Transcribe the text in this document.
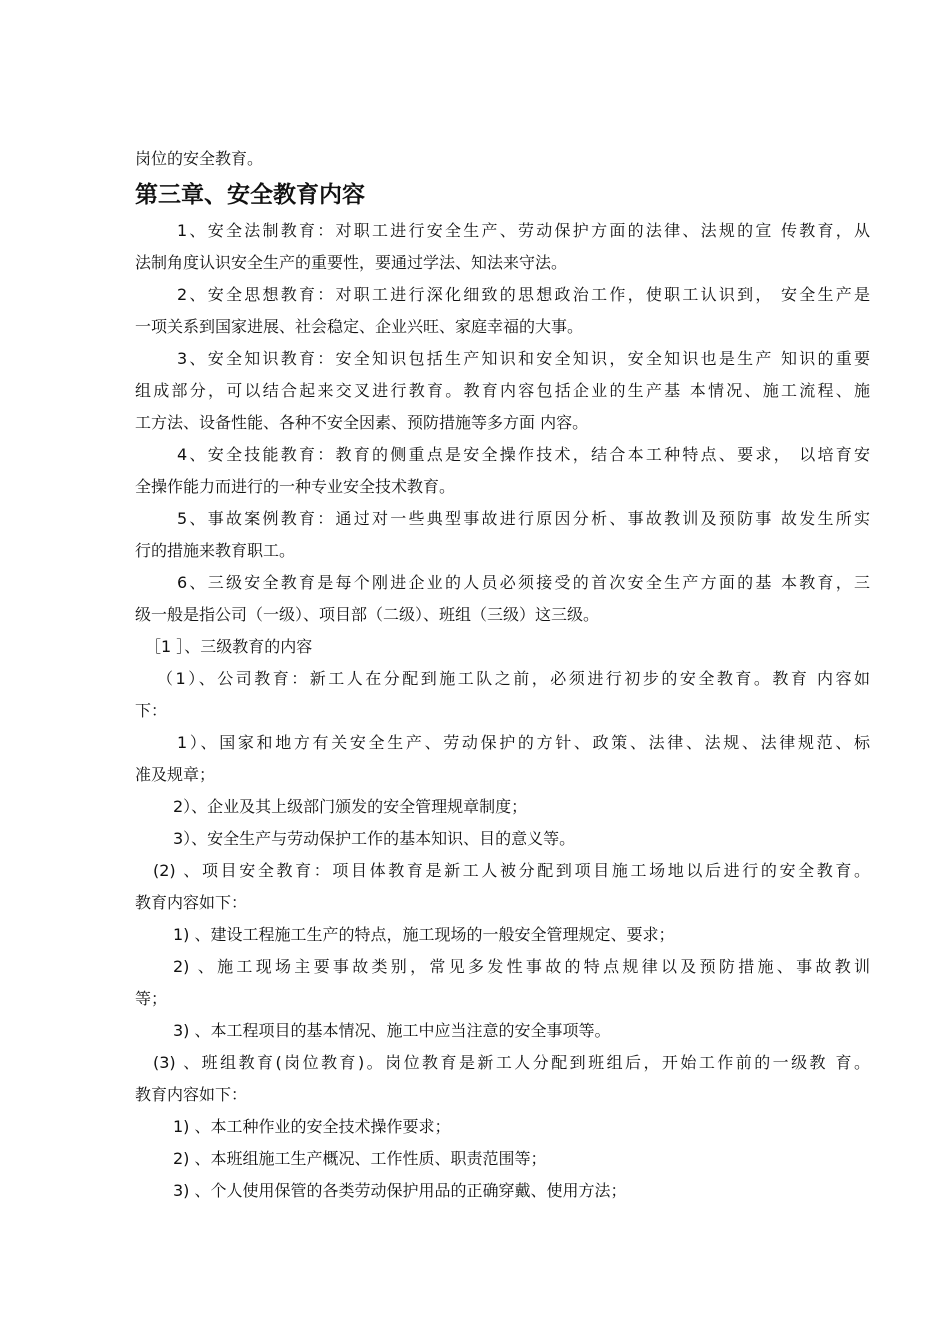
岗位的安全教育。
第三章、安全教育内容
1、安全法制教育：对职工进行安全生产、劳动保护方面的法律、法规的宣 传教育，从
法制角度认识安全生产的重要性，要通过学法、知法来守法。
2、安全思想教育：对职工进行深化细致的思想政治工作，使职工认识到， 安全生产是
一项关系到国家进展、社会稳定、企业兴旺、家庭幸福的大事。
3、安全知识教育：安全知识包括生产知识和安全知识，安全知识也是生产 知识的重要
组成部分，可以结合起来交叉进行教育。教育内容包括企业的生产基 本情况、施工流程、施
工方法、设备性能、各种不安全因素、预防措施等多方面 内容。
4、安全技能教育：教育的侧重点是安全操作技术，结合本工种特点、要求， 以培育安
全操作能力而进行的一种专业安全技术教育。
5、事故案例教育：通过对一些典型事故进行原因分析、事故教训及预防事 故发生所实
行的措施来教育职工。
6、三级安全教育是每个刚进企业的人员必须接受的首次安全生产方面的基 本教育，三
级一般是指公司（一级）、项目部（二级）、班组（三级）这三级。
［1 ］、三级教育的内容
（1）、公司教育：新工人在分配到施工队之前，必须进行初步的安全教育。教育 内容如
下：
1）、国家和地方有关安全生产、劳动保护的方针、政策、法律、法规、法律规范、标
准及规章；
2）、企业及其上级部门颁发的安全管理规章制度；
3）、安全生产与劳动保护工作的基本知识、目的意义等。
(2) 、项目安全教育：项目体教育是新工人被分配到项目施工场地以后进行的安全教育。
教育内容如下：
1) 、建设工程施工生产的特点，施工现场的一般安全管理规定、要求；
2) 、施工现场主要事故类别，常见多发性事故的特点规律以及预防措施、事故教训
等；
3) 、本工程项目的基本情况、施工中应当注意的安全事项等。
(3) 、班组教育(岗位教育)。岗位教育是新工人分配到班组后，开始工作前的一级教 育。
教育内容如下：
1) 、本工种作业的安全技术操作要求；
2) 、本班组施工生产概况、工作性质、职责范围等；
3) 、个人使用保管的各类劳动保护用品的正确穿戴、使用方法；
